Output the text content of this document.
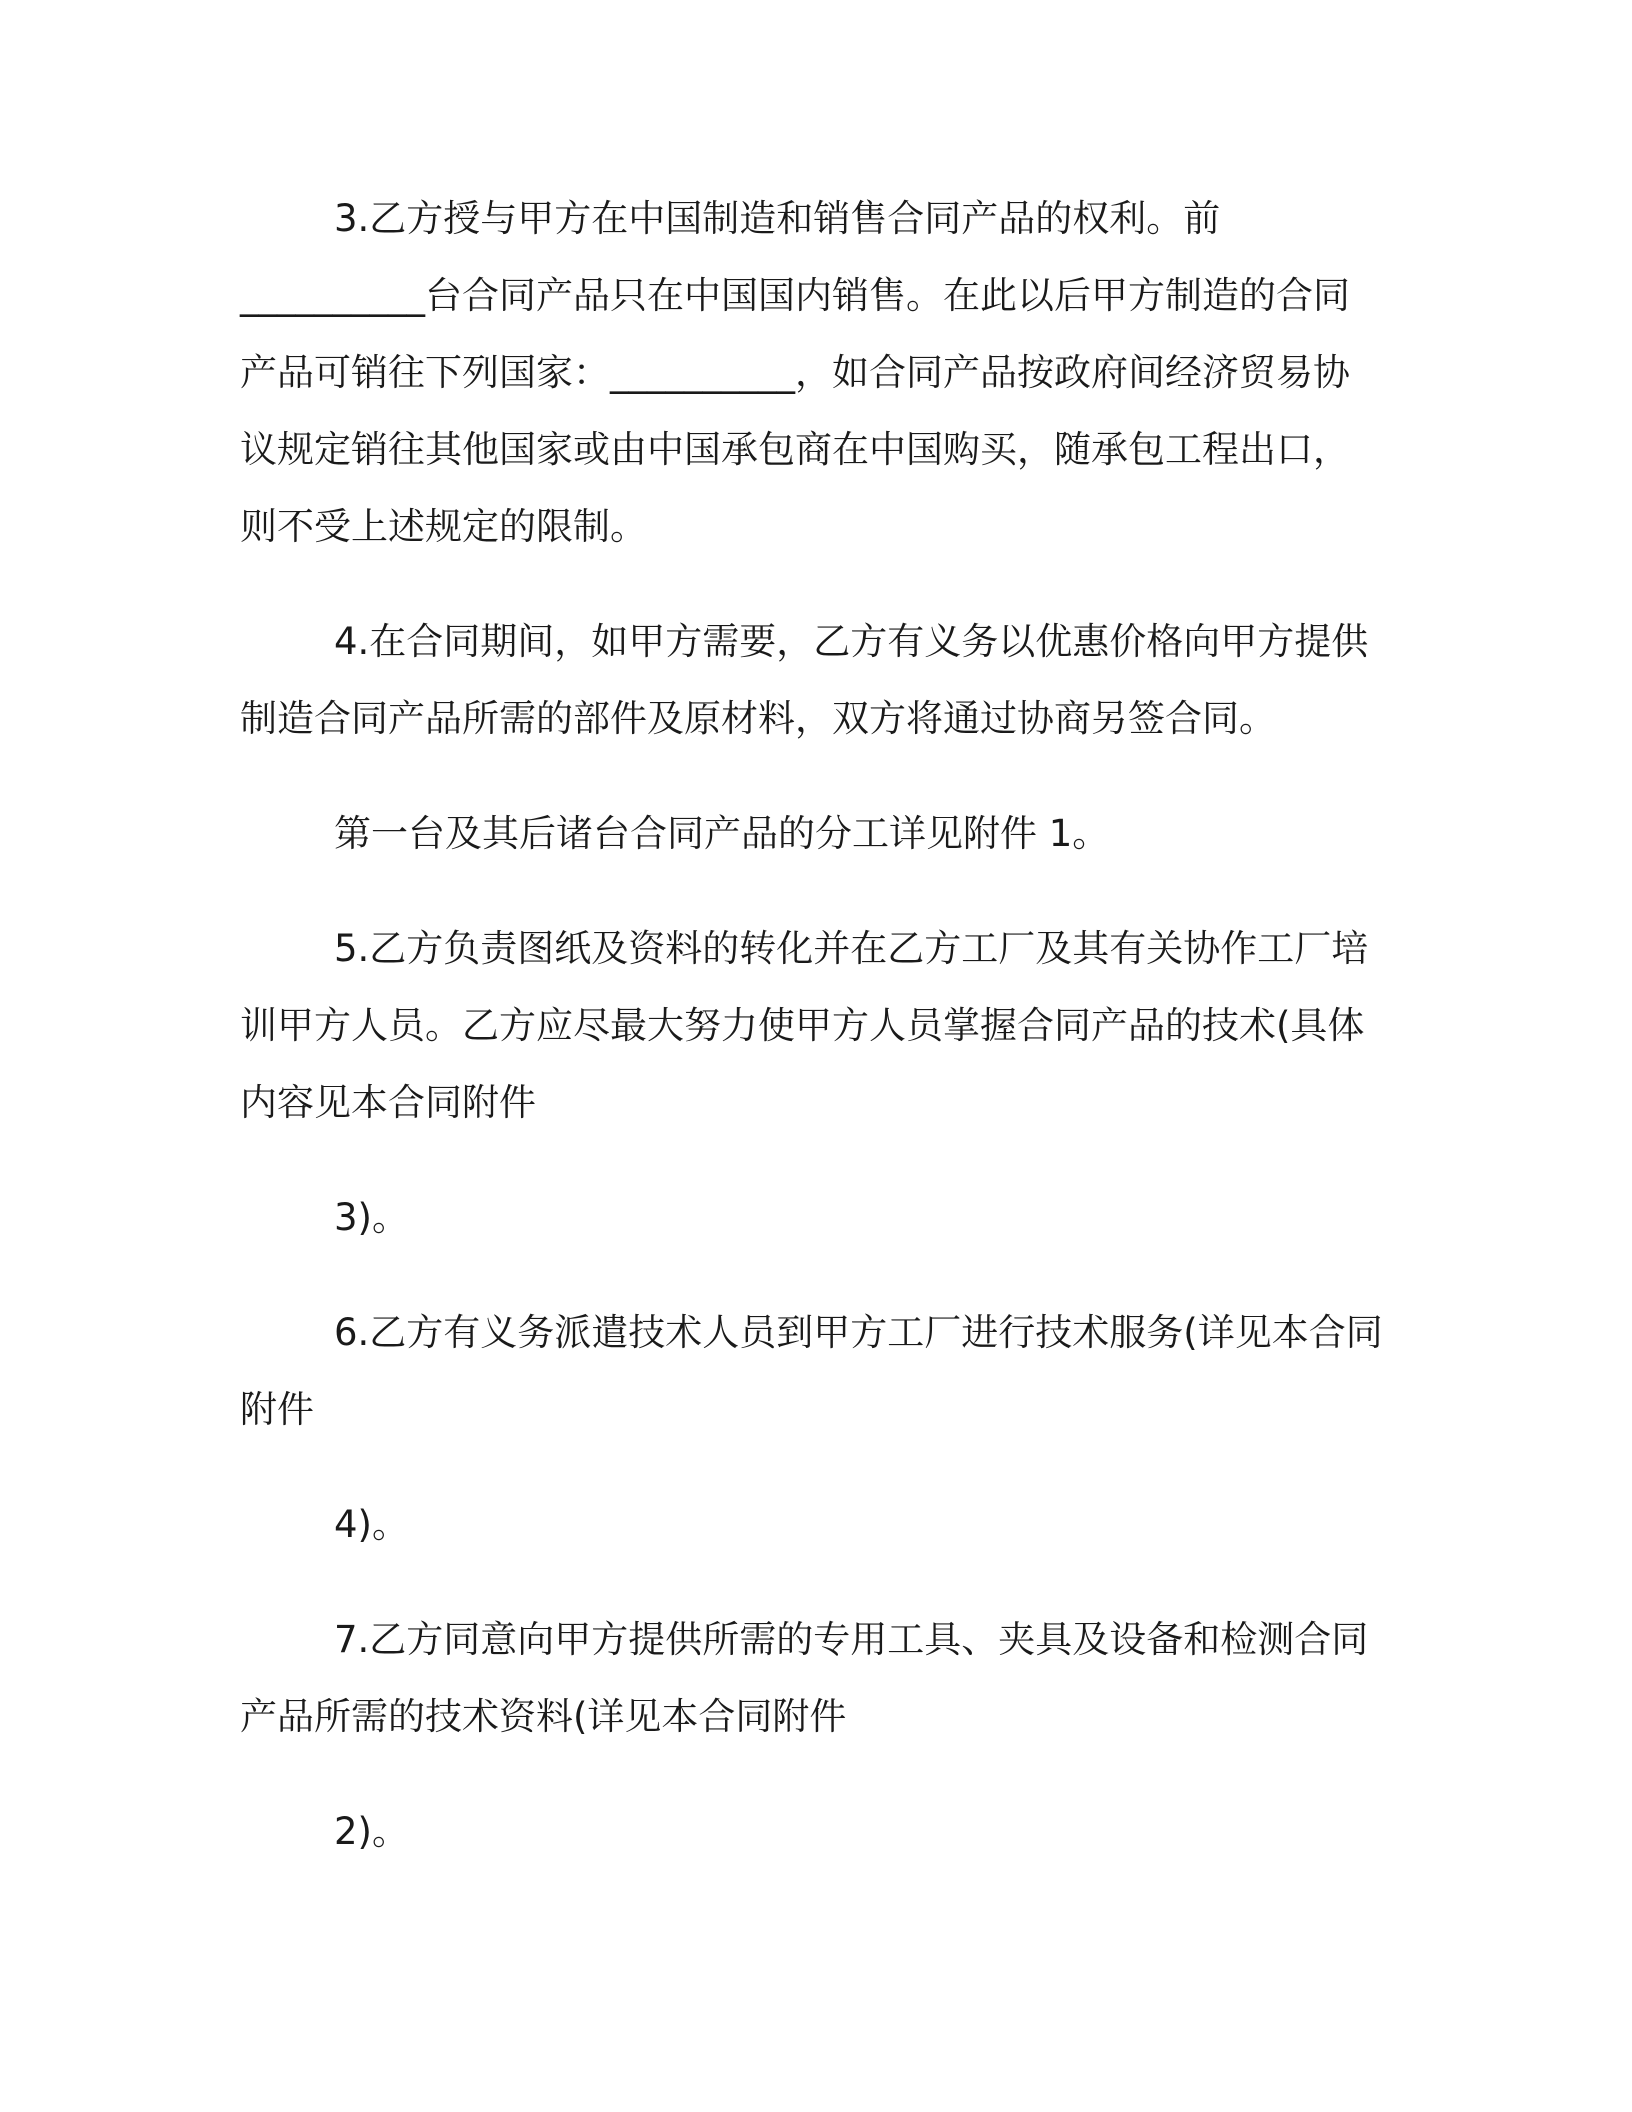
3.乙方授与甲方在中国制造和销售合同产品的权利。前
__________台合同产品只在中国国内销售。在此以后甲方制造的合同
产品可销往下列国家：__________，如合同产品按政府间经济贸易协
议规定销往其他国家或由中国承包商在中国购买，随承包工程出口，
则不受上述规定的限制。
4.在合同期间，如甲方需要，乙方有义务以优惠价格向甲方提供
制造合同产品所需的部件及原材料，双方将通过协商另签合同。
第一台及其后诸台合同产品的分工详见附件 1。
5.乙方负责图纸及资料的转化并在乙方工厂及其有关协作工厂培
训甲方人员。乙方应尽最大努力使甲方人员掌握合同产品的技术(具体
内容见本合同附件
3)。
6.乙方有义务派遣技术人员到甲方工厂进行技术服务(详见本合同
附件
4)。
7.乙方同意向甲方提供所需的专用工具、夹具及设备和检测合同
产品所需的技术资料(详见本合同附件
2)。
